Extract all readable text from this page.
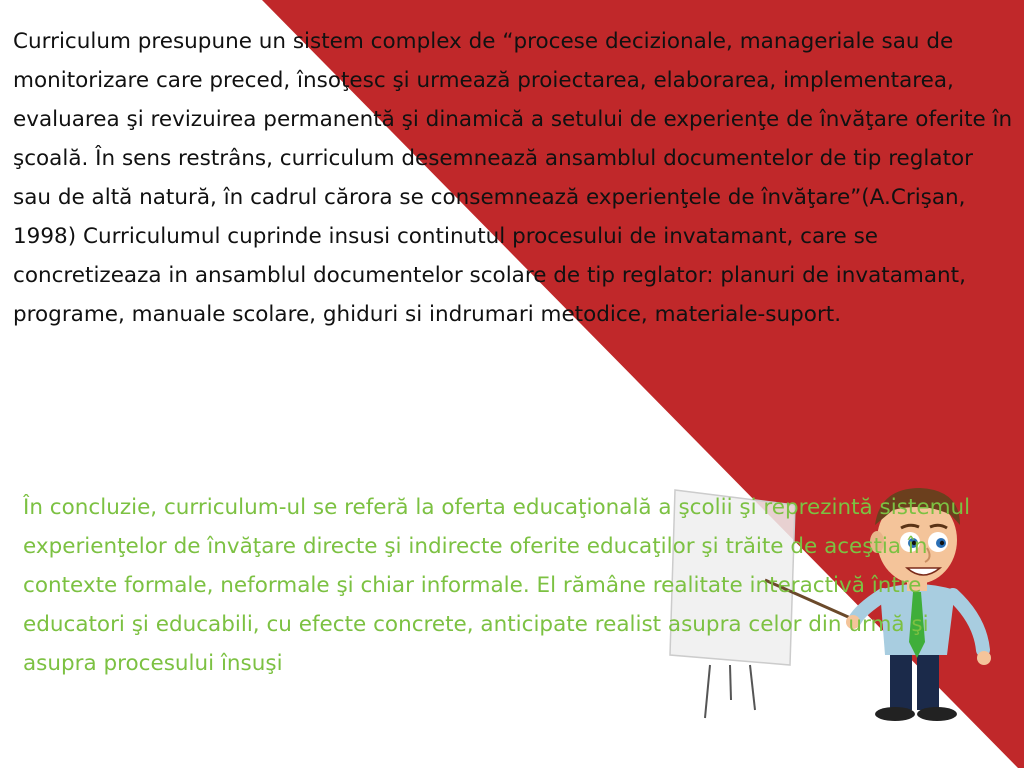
Curriculum presupune un sistem complex de “procese decizionale, manageriale sau de monitorizare care preced, însoţesc şi urmează proiectarea, elaborarea, implementarea, evaluarea şi revizuirea permanentă şi dinamică a setului de experienţe de învăţare oferite în şcoală. În sens restrâns, curriculum desemnează ansamblul documentelor de tip reglator sau de altă natură, în cadrul cărora se consemnează experienţele de învăţare”(A.Crişan, 1998) Curriculumul cuprinde insusi continutul procesului de invatamant, care se concretizeaza in ansamblul documentelor scolare de tip reglator: planuri de invatamant, programe, manuale scolare, ghiduri si indrumari metodice, materiale-suport.

În concluzie, curriculum-ul se referă la oferta educaţională a şcolii şi reprezintă sistemul experienţelor de învăţare directe şi indirecte oferite educaţilor şi trăite de aceştia în contexte formale, neformale şi chiar informale. El rămâne realitate interactivă între educatori şi educabili, cu efecte concrete, anticipate realist asupra celor din urmă şi asupra procesului însuşi
